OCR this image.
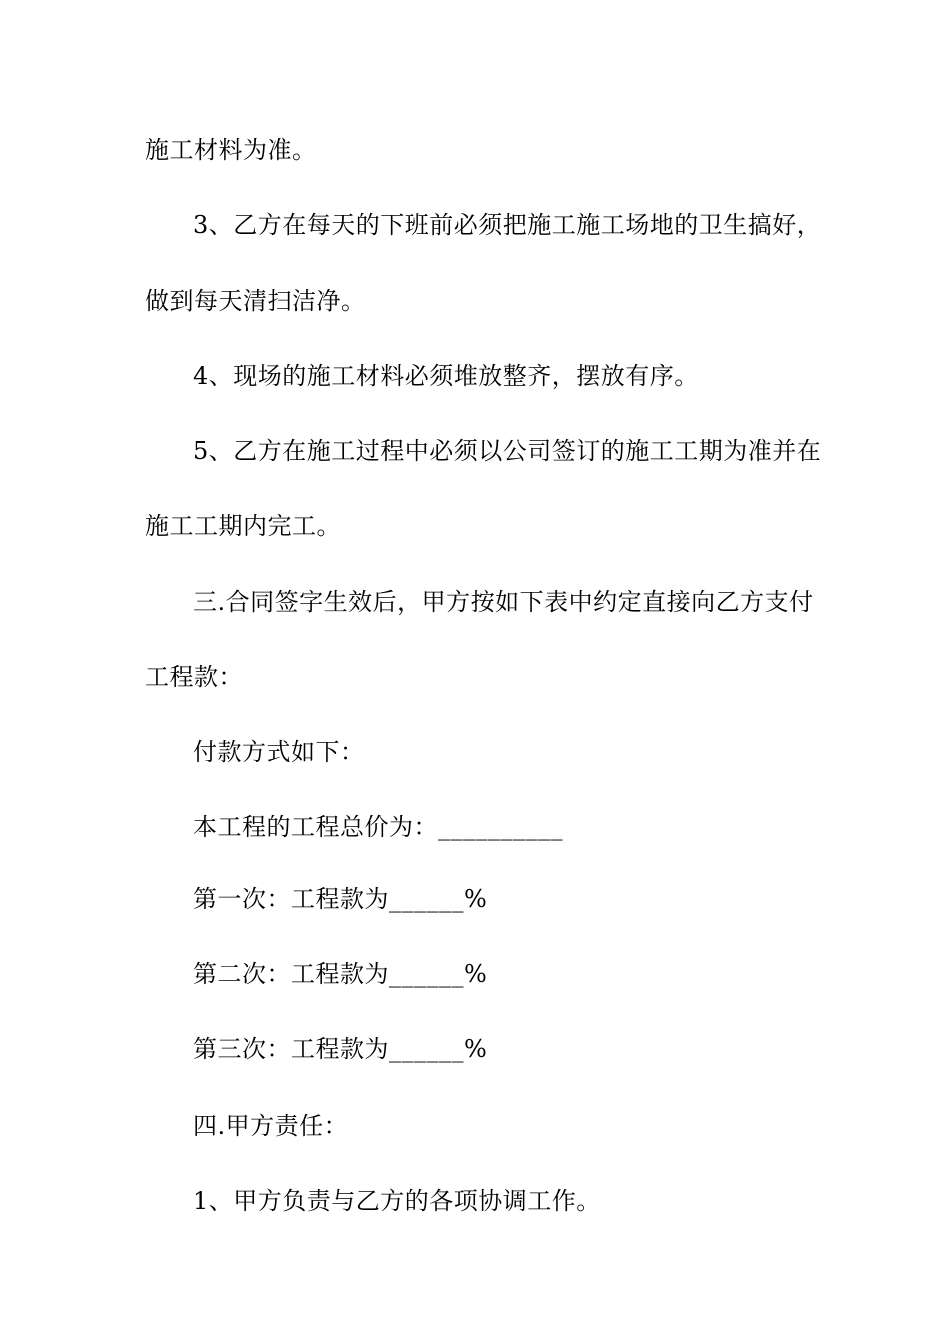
施工材料为准。
3、乙方在每天的下班前必须把施工施工场地的卫生搞好，
做到每天清扫洁净。
4、现场的施工材料必须堆放整齐，摆放有序。
5、乙方在施工过程中必须以公司签订的施工工期为准并在
施工工期内完工。
三.合同签字生效后，甲方按如下表中约定直接向乙方支付
工程款：
付款方式如下：
本工程的工程总价为：__________
第一次：工程款为______%
第二次：工程款为______%
第三次：工程款为______%
四.甲方责任：
1、甲方负责与乙方的各项协调工作。
